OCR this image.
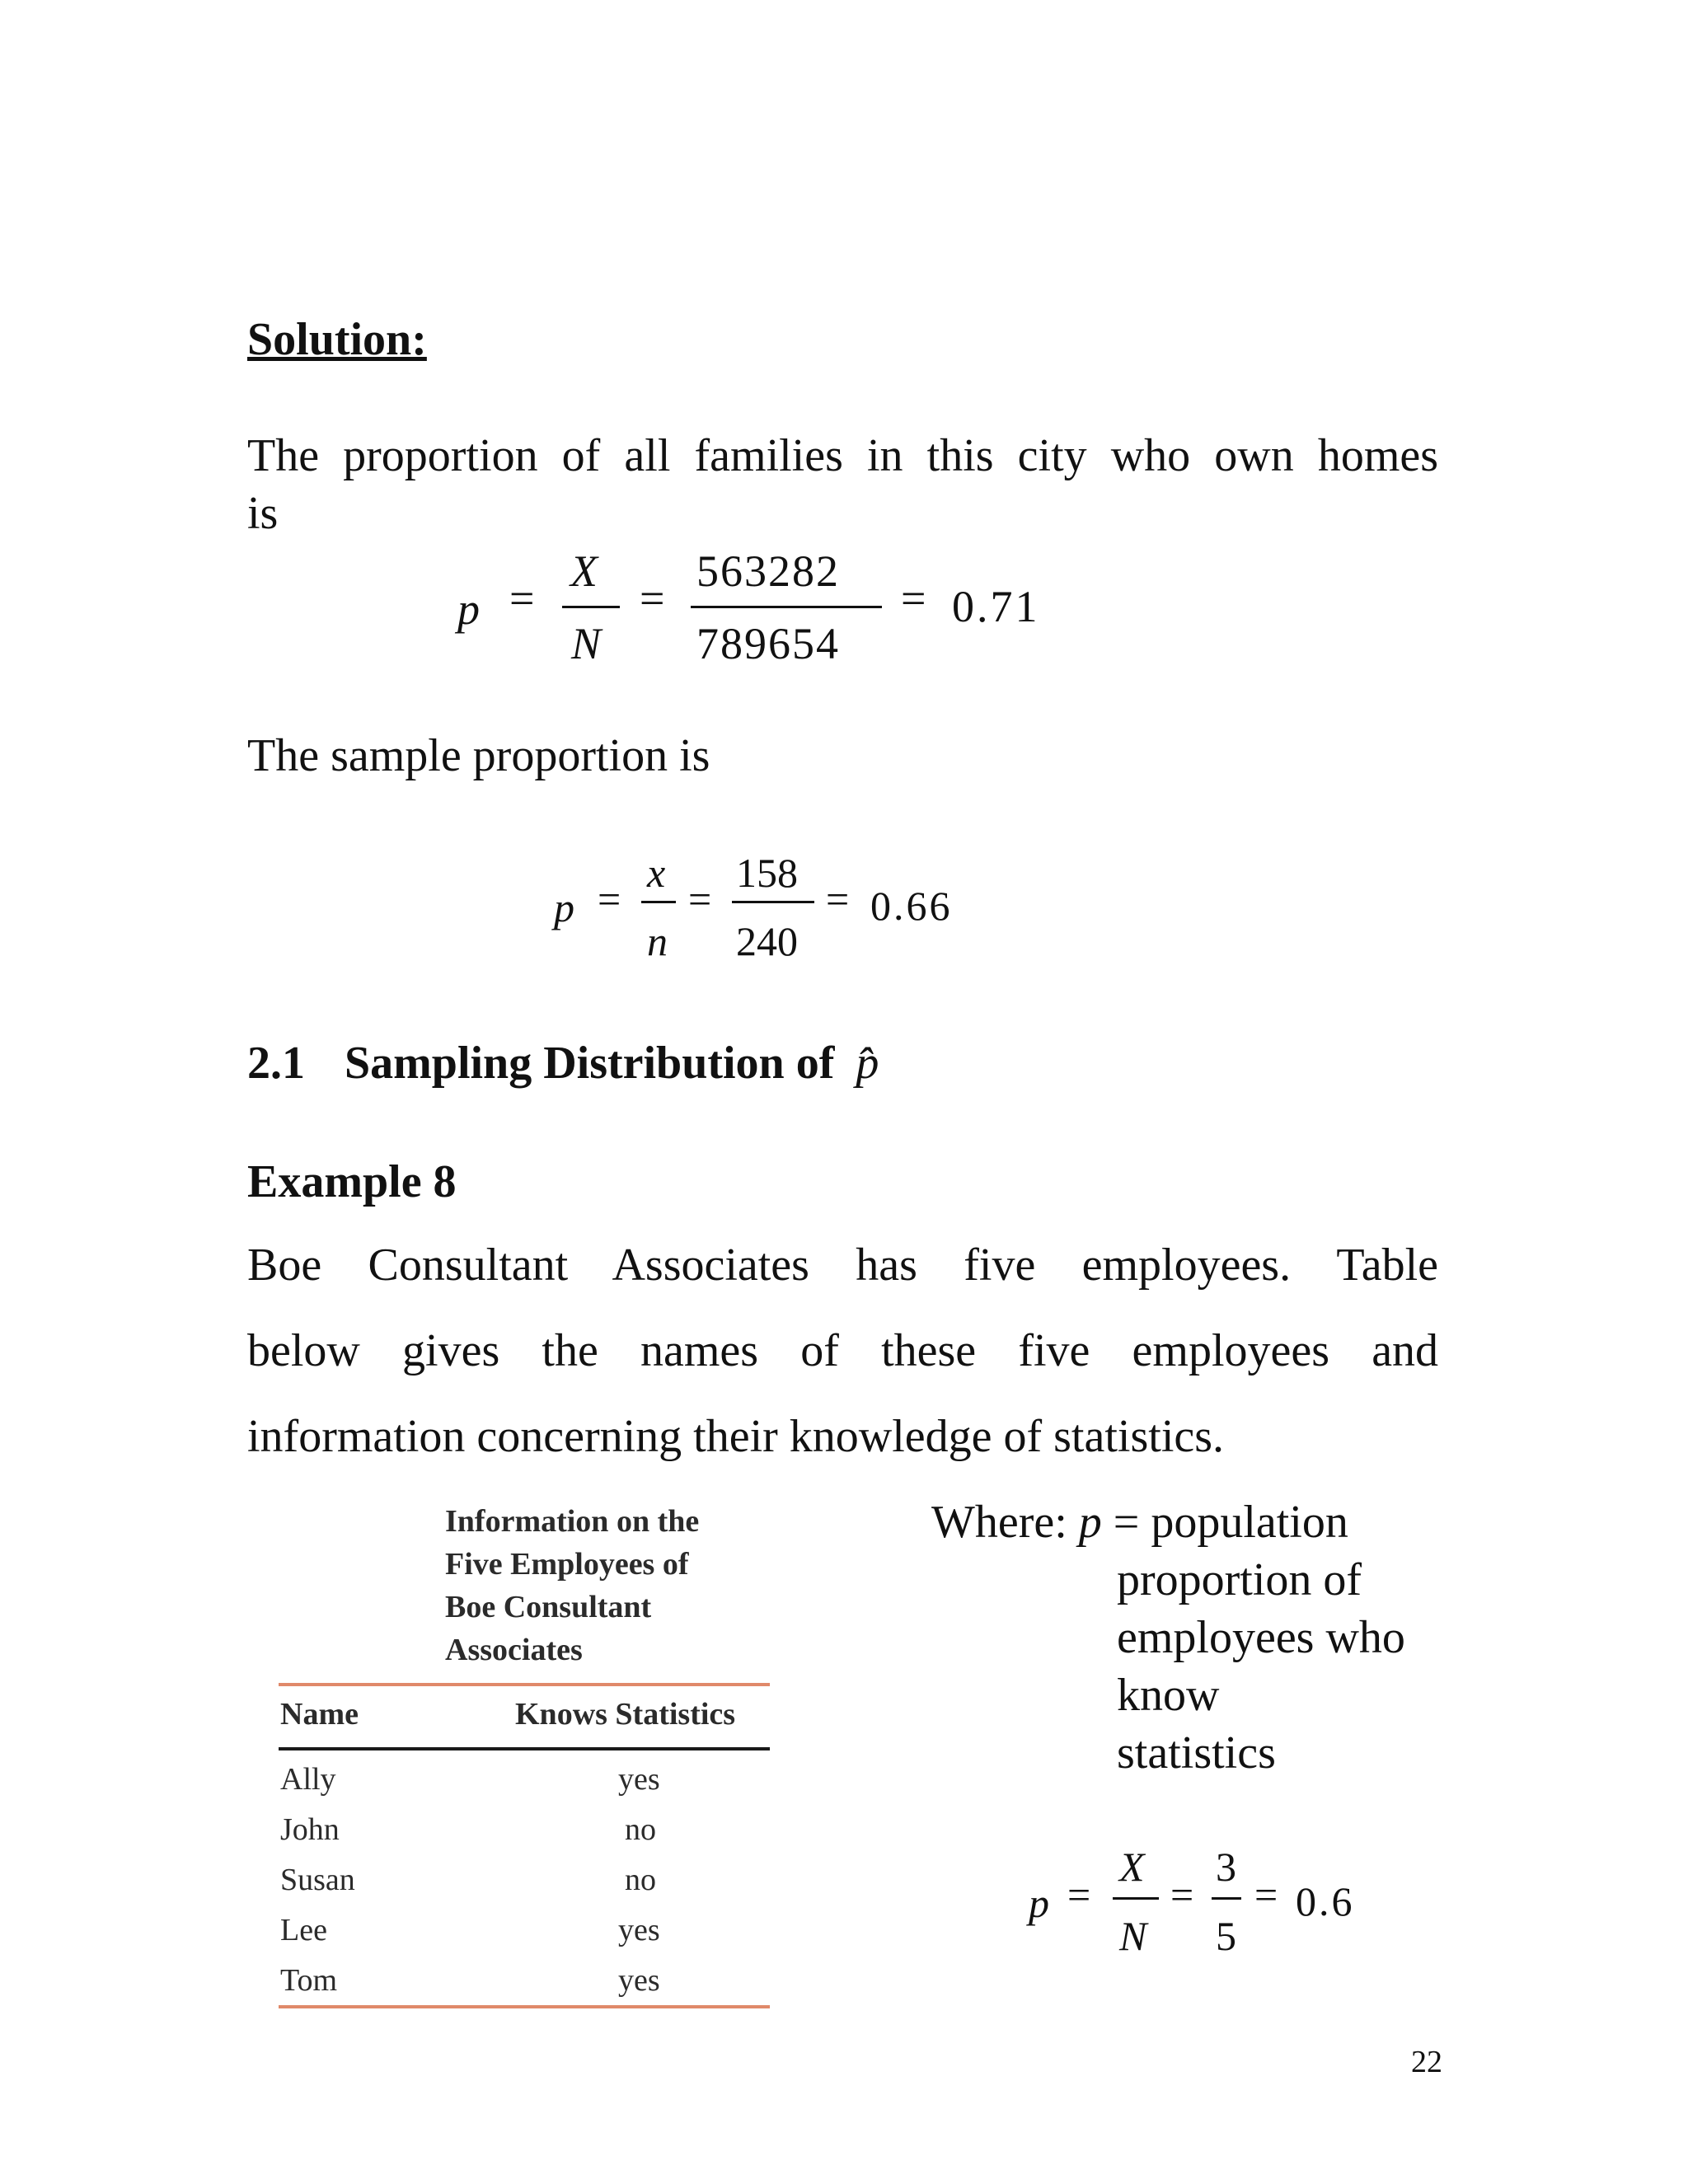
Solution:
The proportion of all families in this city who own homes
is
p =
X
N
=
563282
789654
= 0.71
The sample proportion is
p =
x
n
=
158
240
= 0.66
2.1 Sampling Distribution of p̂
Example 8
Boe Consultant Associates has five employees. Table
below gives the names of these five employees and
information concerning their knowledge of statistics.
Information on the
Five Employees of
Boe Consultant
Associates
Name	Knows Statistics
Ally	yes
John	no
Susan	no
Lee	yes
Tom	yes
Where: p = population
proportion of
employees who
know
statistics
p =
X
N
=
3
5
= 0.6
22
